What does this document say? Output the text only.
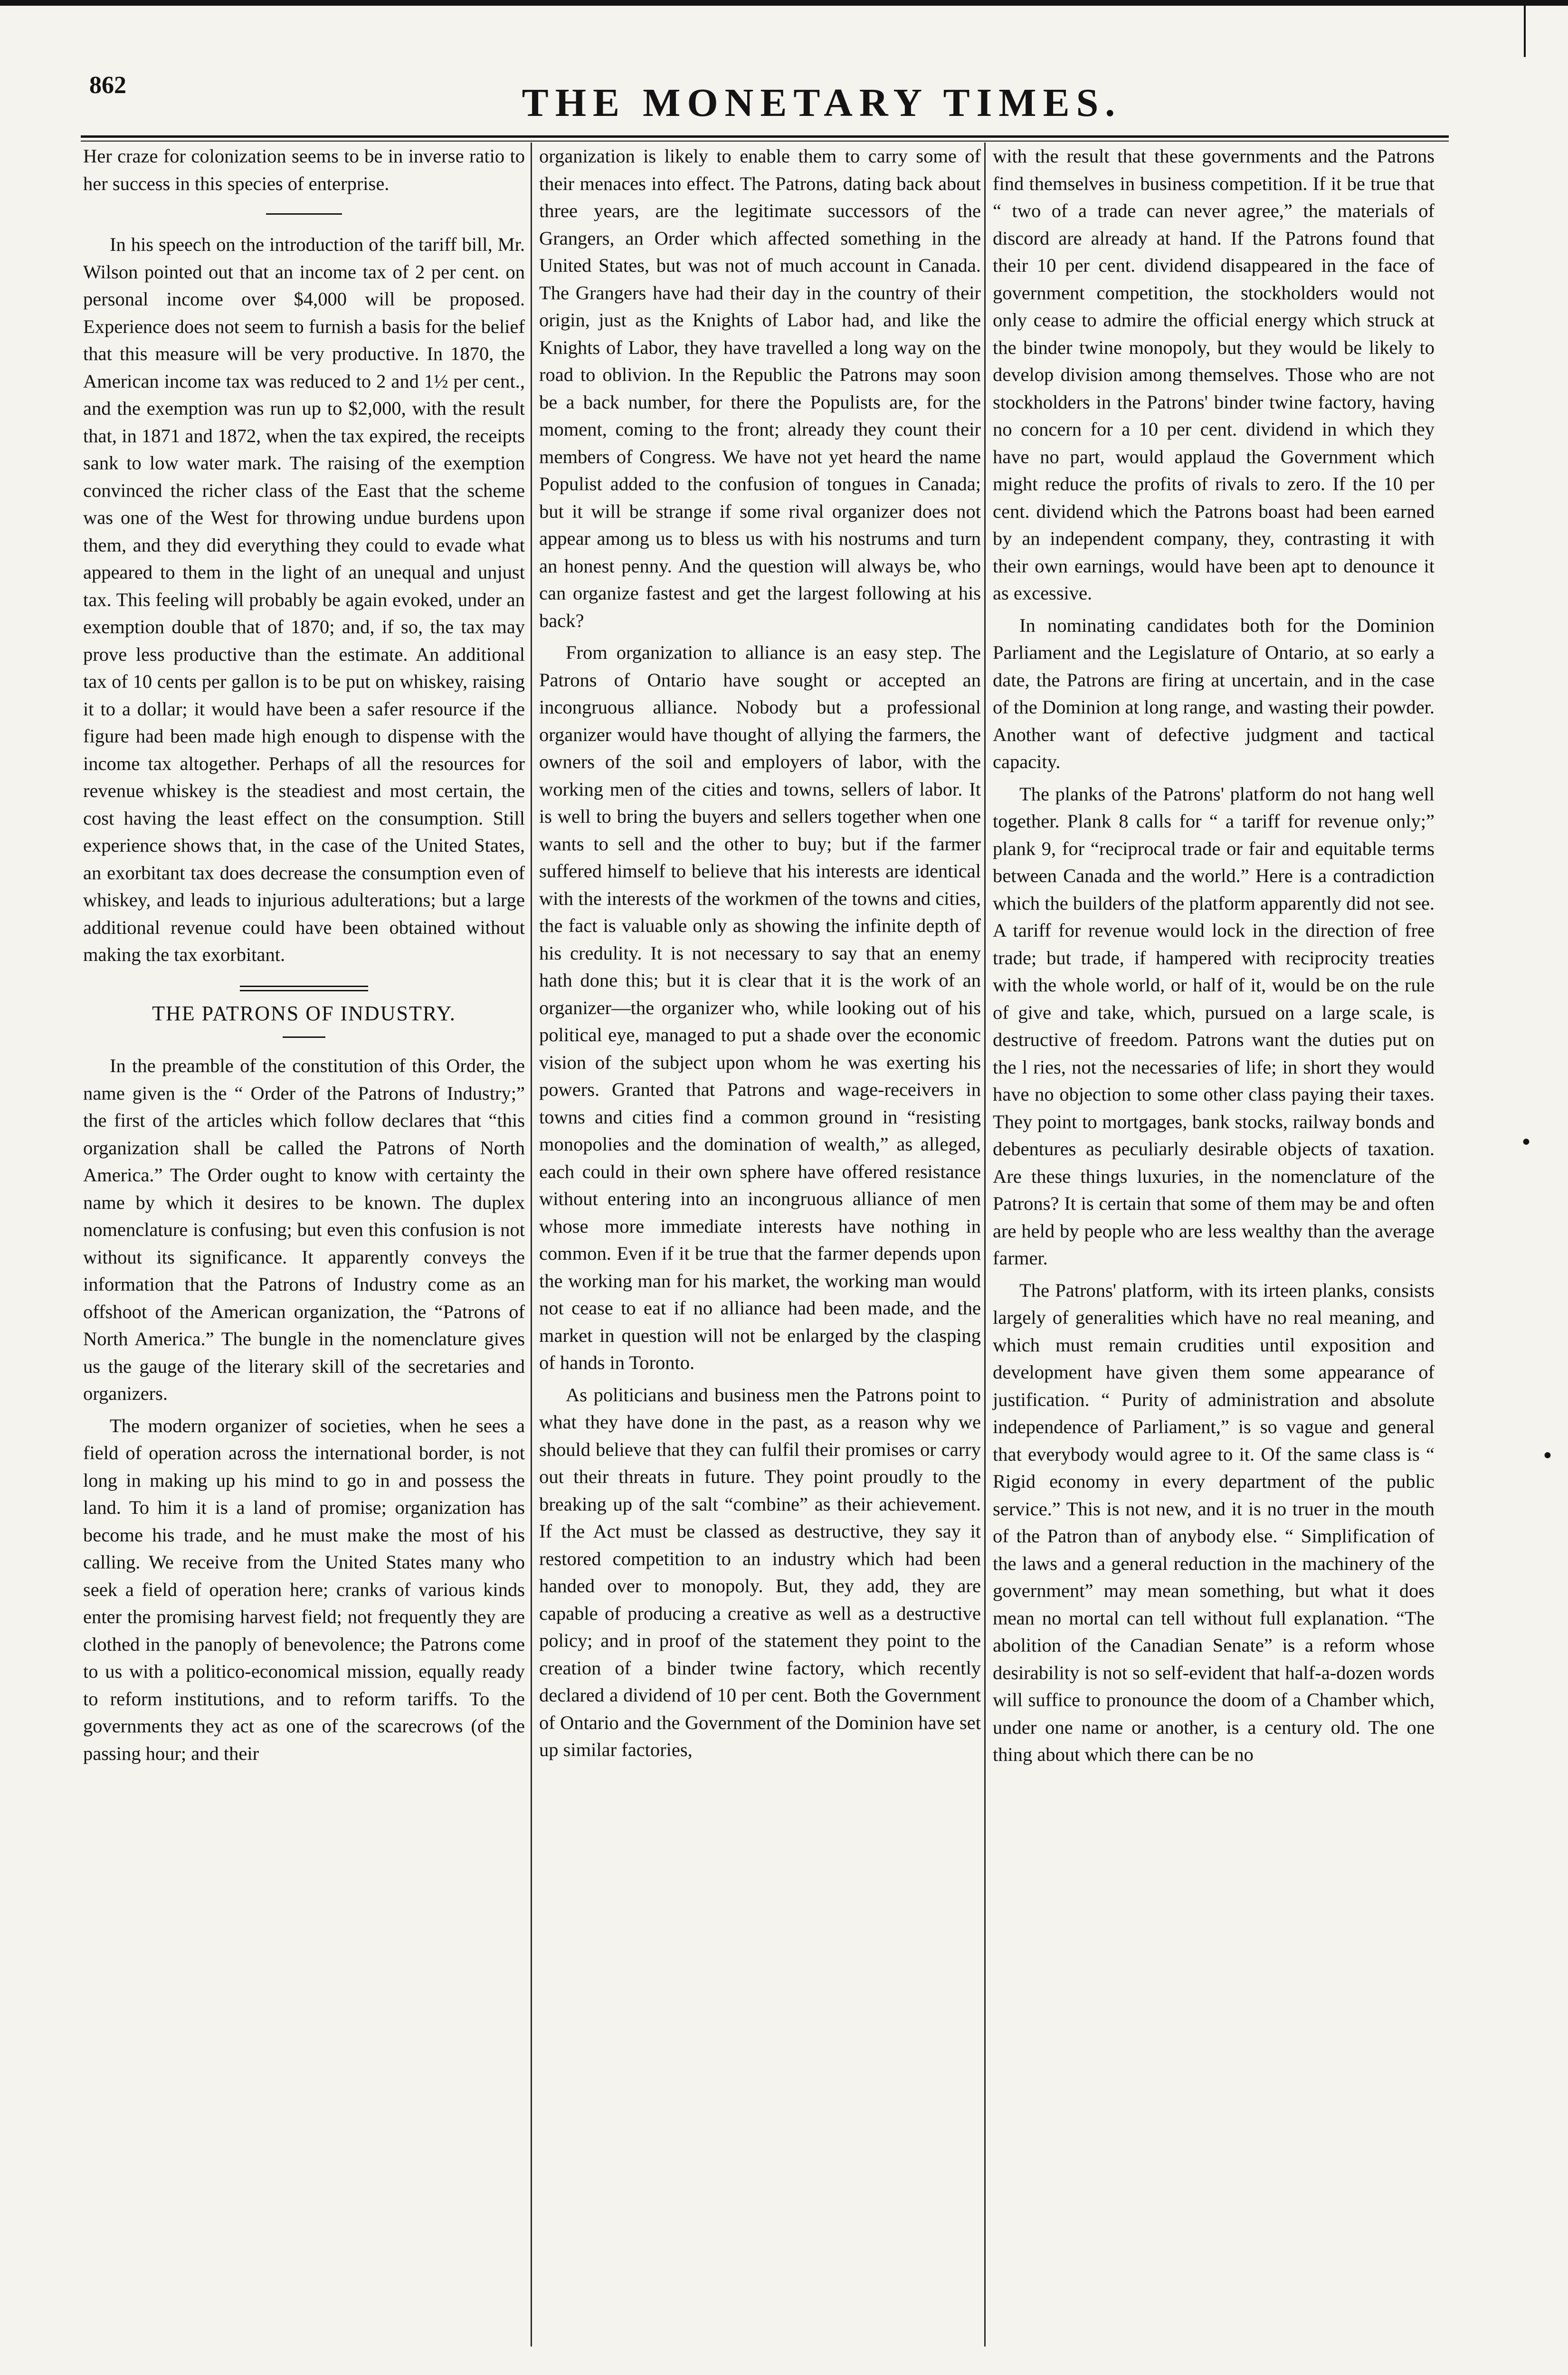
862	THE MONETARY TIMES.

Her craze for colonization seems to be in inverse ratio to her success in this species of enterprise.

In his speech on the introduction of the tariff bill, Mr. Wilson pointed out that an income tax of 2 per cent. on personal income over $4,000 will be proposed. Experience does not seem to furnish a basis for the belief that this measure will be very productive. In 1870, the American income tax was reduced to 2 and 1½ per cent., and the exemption was run up to $2,000, with the result that, in 1871 and 1872, when the tax expired, the receipts sank to low water mark. The raising of the exemption convinced the richer class of the East that the scheme was one of the West for throwing undue burdens upon them, and they did everything they could to evade what appeared to them in the light of an unequal and unjust tax. This feeling will probably be again evoked, under an exemption double that of 1870; and, if so, the tax may prove less productive than the estimate. An additional tax of 10 cents per gallon is to be put on whiskey, raising it to a dollar; it would have been a safer resource if the figure had been made high enough to dispense with the income tax altogether. Perhaps of all the resources for revenue whiskey is the steadiest and most certain, the cost having the least effect on the consumption. Still experience shows that, in the case of the United States, an exorbitant tax does decrease the consumption even of whiskey, and leads to injurious adulterations; but a large additional revenue could have been obtained without making the tax exorbitant.

THE PATRONS OF INDUSTRY.

In the preamble of the constitution of this Order, the name given is the “ Order of the Patrons of Industry;” the first of the articles which follow declares that “this organization shall be called the Patrons of North America.” The Order ought to know with certainty the name by which it desires to be known. The duplex nomenclature is confusing; but even this confusion is not without its significance. It apparently conveys the information that the Patrons of Industry come as an offshoot of the American organization, the “Patrons of North America.” The bungle in the nomenclature gives us the gauge of the literary skill of the secretaries and organizers.

The modern organizer of societies, when he sees a field of operation across the international border, is not long in making up his mind to go in and possess the land. To him it is a land of promise; organization has become his trade, and he must make the most of his calling. We receive from the United States many who seek a field of operation here; cranks of various kinds enter the promising harvest field; not frequently they are clothed in the panoply of benevolence; the Patrons come to us with a politico-economical mission, equally ready to reform institutions, and to reform tariffs. To the governments they act as one of the scarecrows (of the passing hour; and their

organization is likely to enable them to carry some of their menaces into effect. The Patrons, dating back about three years, are the legitimate successors of the Grangers, an Order which affected something in the United States, but was not of much account in Canada. The Grangers have had their day in the country of their origin, just as the Knights of Labor had, and like the Knights of Labor, they have travelled a long way on the road to oblivion. In the Republic the Patrons may soon be a back number, for there the Populists are, for the moment, coming to the front; already they count their members of Congress. We have not yet heard the name Populist added to the confusion of tongues in Canada; but it will be strange if some rival organizer does not appear among us to bless us with his nostrums and turn an honest penny. And the question will always be, who can organize fastest and get the largest following at his back?

From organization to alliance is an easy step. The Patrons of Ontario have sought or accepted an incongruous alliance. Nobody but a professional organizer would have thought of allying the farmers, the owners of the soil and employers of labor, with the working men of the cities and towns, sellers of labor. It is well to bring the buyers and sellers together when one wants to sell and the other to buy; but if the farmer suffered himself to believe that his interests are identical with the interests of the workmen of the towns and cities, the fact is valuable only as showing the infinite depth of his credulity. It is not necessary to say that an enemy hath done this; but it is clear that it is the work of an organizer—the organizer who, while looking out of his political eye, managed to put a shade over the economic vision of the subject upon whom he was exerting his powers. Granted that Patrons and wage-receivers in towns and cities find a common ground in “resisting monopolies and the domination of wealth,” as alleged, each could in their own sphere have offered resistance without entering into an incongruous alliance of men whose more immediate interests have nothing in common. Even if it be true that the farmer depends upon the working man for his market, the working man would not cease to eat if no alliance had been made, and the market in question will not be enlarged by the clasping of hands in Toronto.

As politicians and business men the Patrons point to what they have done in the past, as a reason why we should believe that they can fulfil their promises or carry out their threats in future. They point proudly to the breaking up of the salt “combine” as their achievement. If the Act must be classed as destructive, they say it restored competition to an industry which had been handed over to monopoly. But, they add, they are capable of producing a creative as well as a destructive policy; and in proof of the statement they point to the creation of a binder twine factory, which recently declared a dividend of 10 per cent. Both the Government of Ontario and the Government of the Dominion have set up similar factories,

with the result that these governments and the Patrons find themselves in business competition. If it be true that “ two of a trade can never agree,” the materials of discord are already at hand. If the Patrons found that their 10 per cent. dividend disappeared in the face of government competition, the stockholders would not only cease to admire the official energy which struck at the binder twine monopoly, but they would be likely to develop division among themselves. Those who are not stockholders in the Patrons' binder twine factory, having no concern for a 10 per cent. dividend in which they have no part, would applaud the Government which might reduce the profits of rivals to zero. If the 10 per cent. dividend which the Patrons boast had been earned by an independent company, they, contrasting it with their own earnings, would have been apt to denounce it as excessive.

In nominating candidates both for the Dominion Parliament and the Legislature of Ontario, at so early a date, the Patrons are firing at uncertain, and in the case of the Dominion at long range, and wasting their powder. Another want of defective judgment and tactical capacity.

The planks of the Patrons' platform do not hang well together. Plank 8 calls for “ a tariff for revenue only;” plank 9, for “reciprocal trade or fair and equitable terms between Canada and the world.” Here is a contradiction which the builders of the platform apparently did not see. A tariff for revenue would lock in the direction of free trade; but trade, if hampered with reciprocity treaties with the whole world, or half of it, would be on the rule of give and take, which, pursued on a large scale, is destructive of freedom. Patrons want the duties put on the l ries, not the necessaries of life; in short they would have no objection to some other class paying their taxes. They point to mortgages, bank stocks, railway bonds and debentures as peculiarly desirable objects of taxation. Are these things luxuries, in the nomenclature of the Patrons? It is certain that some of them may be and often are held by people who are less wealthy than the average farmer.

The Patrons' platform, with its irteen planks, consists largely of generalities which have no real meaning, and which must remain crudities until exposition and development have given them some appearance of justification. “ Purity of administration and absolute independence of Parliament,” is so vague and general that everybody would agree to it. Of the same class is “ Rigid economy in every department of the public service.” This is not new, and it is no truer in the mouth of the Patron than of anybody else. “ Simplification of the laws and a general reduction in the machinery of the government” may mean something, but what it does mean no mortal can tell without full explanation. “The abolition of the Canadian Senate” is a reform whose desirability is not so self-evident that half-a-dozen words will suffice to pronounce the doom of a Chamber which, under one name or another, is a century old. The one thing about which there can be no

•
•
